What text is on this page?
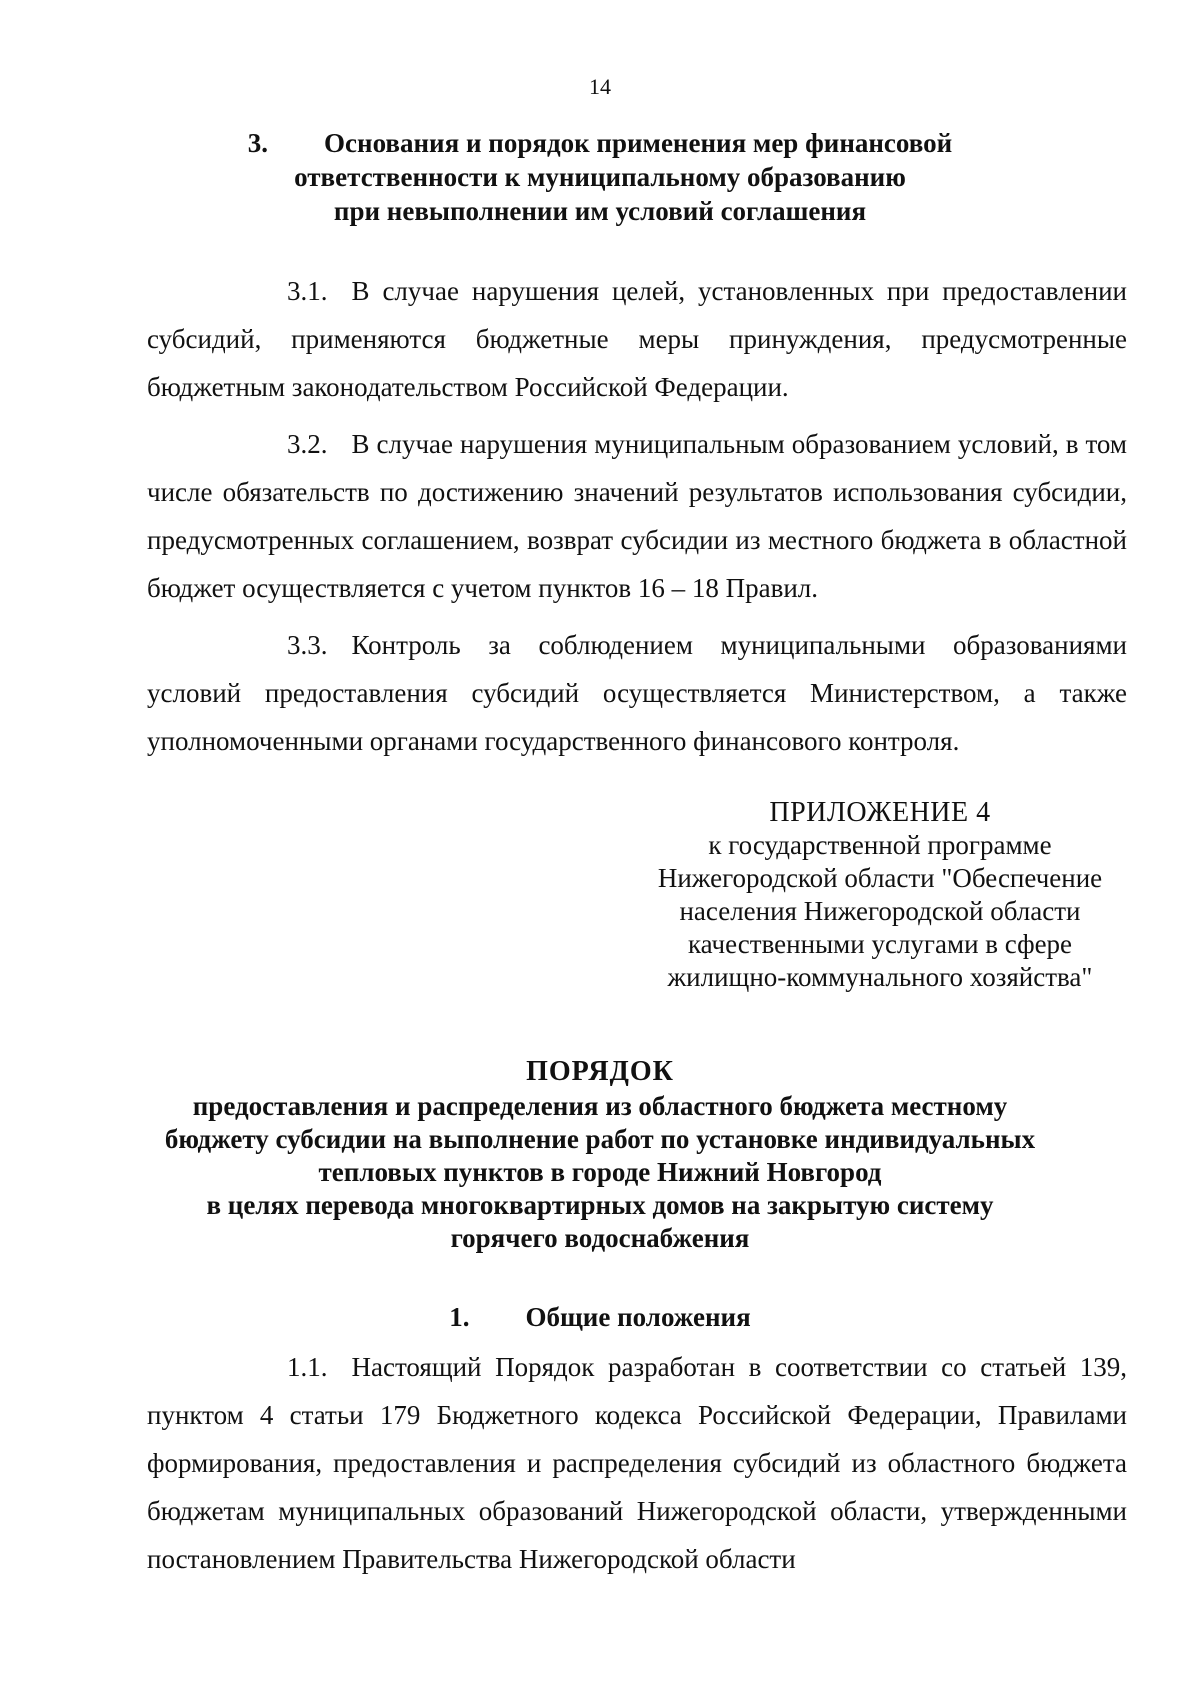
14
3. Основания и порядок применения мер финансовой
ответственности к муниципальному образованию
при невыполнении им условий соглашения

3.1. В случае нарушения целей, установленных при предоставлении субсидий, применяются бюджетные меры принуждения, предусмотренные бюджетным законодательством Российской Федерации.

3.2. В случае нарушения муниципальным образованием условий, в том числе обязательств по достижению значений результатов использования субсидии, предусмотренных соглашением, возврат субсидии из местного бюджета в областной бюджет осуществляется с учетом пунктов 16 – 18 Правил.

3.3. Контроль за соблюдением муниципальными образованиями условий предоставления субсидий осуществляется Министерством, а также уполномоченными органами государственного финансового контроля.

ПРИЛОЖЕНИЕ 4
к государственной программе
Нижегородской области "Обеспечение
населения Нижегородской области
качественными услугами в сфере
жилищно-коммунального хозяйства"
ПОРЯДОК
предоставления и распределения из областного бюджета местному
бюджету субсидии на выполнение работ по установке индивидуальных
тепловых пунктов в городе Нижний Новгород
в целях перевода многоквартирных домов на закрытую систему
горячего водоснабжения
1. Общие положения

1.1. Настоящий Порядок разработан в соответствии со статьей 139, пунктом 4 статьи 179 Бюджетного кодекса Российской Федерации, Правилами формирования, предоставления и распределения субсидий из областного бюджета бюджетам муниципальных образований Нижегородской области, утвержденными постановлением Правительства Нижегородской области
